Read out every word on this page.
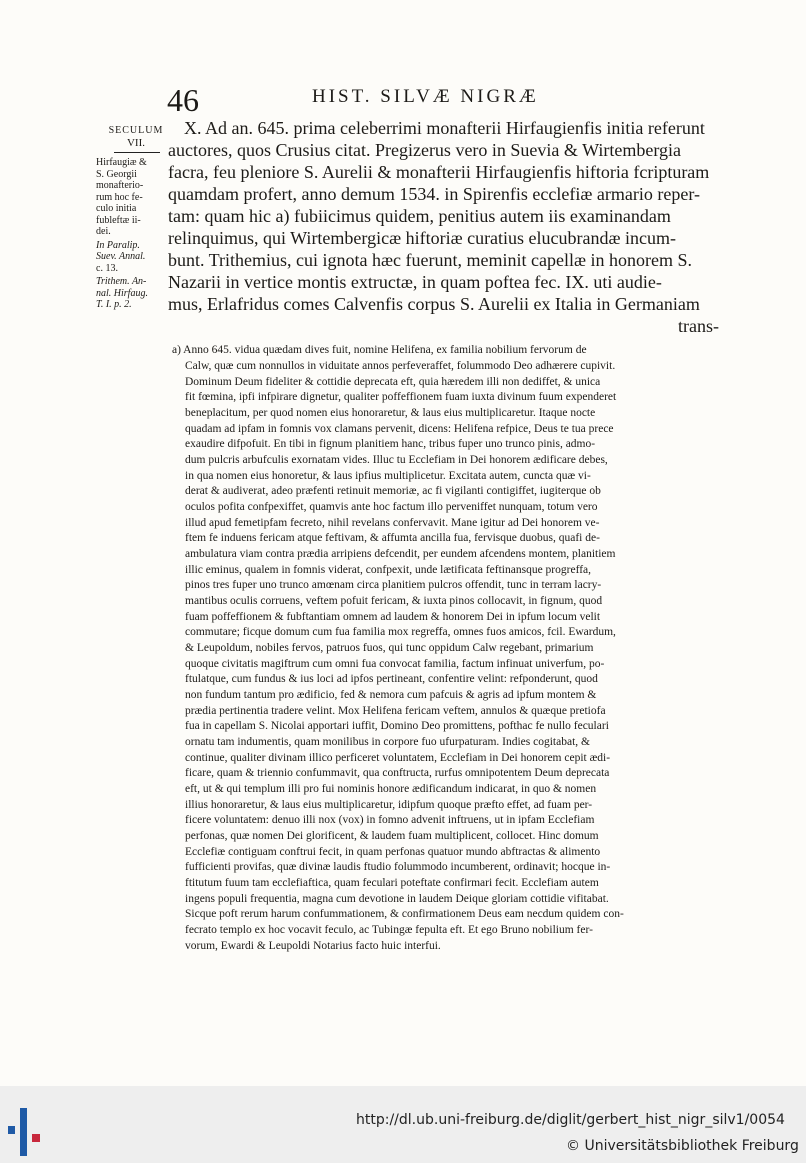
46	HIST. SILVÆ NIGRÆ
SECULUM
VII.
Hirfaugiæ &
S. Georgii
monafterio-
rum hoc fe-
culo initia
fubleftæ ii-
dei.
In Paralip.
Suev. Annal.
c. 13.
Trithem. An-
nal. Hirfaug.
T. I. p. 2.
X. Ad an. 645. prima celeberrimi monafterii Hirfaugienfis initia referunt
auctores, quos Crusius citat. Pregizerus vero in Suevia & Wirtembergia
facra, feu pleniore S. Aurelii & monafterii Hirfaugienfis hiftoria fcripturam
quamdam profert, anno demum 1534. in Spirenfis ecclefiæ armario reper-
tam: quam hic a) fubiicimus quidem, penitius autem iis examinandam
relinquimus, qui Wirtembergicæ hiftoriæ curatius elucubrandæ incum-
bunt. Trithemius, cui ignota hæc fuerunt, meminit capellæ in honorem S.
Nazarii in vertice montis extructæ, in quam poftea fec. IX. uti audie-
mus, Erlafridus comes Calvenfis corpus S. Aurelii ex Italia in Germaniam
trans-
a) Anno 645. vidua quædam dives fuit, nomine Helifena, ex familia nobilium fervorum de
Calw, quæ cum nonnullos in viduitate annos perfeveraffet, folummodo Deo adhærere cupivit.
Dominum Deum fideliter & cottidie deprecata eft, quia hæredem illi non dediffet, & unica
fit fœmina, ipfi infpirare dignetur, qualiter poffeffionem fuam iuxta divinum fuum expenderet
beneplacitum, per quod nomen eius honoraretur, & laus eius multiplicaretur. Itaque nocte
quadam ad ipfam in fomnis vox clamans pervenit, dicens: Helifena refpice, Deus te tua prece
exaudire difpofuit. En tibi in fignum planitiem hanc, tribus fuper uno trunco pinis, admo-
dum pulcris arbufculis exornatam vides. Illuc tu Ecclefiam in Dei honorem ædificare debes,
in qua nomen eius honoretur, & laus ipfius multiplicetur. Excitata autem, cuncta quæ vi-
derat & audiverat, adeo præfenti retinuit memoriæ, ac fi vigilanti contigiffet, iugiterque ob
oculos pofita confpexiffet, quamvis ante hoc factum illo perveniffet nunquam, totum vero
illud apud femetipfam fecreto, nihil revelans confervavit. Mane igitur ad Dei honorem ve-
ftem fe induens fericam atque feftivam, & affumta ancilla fua, fervisque duobus, quafi de-
ambulatura viam contra prædia arripiens defcendit, per eundem afcendens montem, planitiem
illic eminus, qualem in fomnis viderat, confpexit, unde lætificata feftinansque progreffa,
pinos tres fuper uno trunco amœnam circa planitiem pulcros offendit, tunc in terram lacry-
mantibus oculis corruens, veftem pofuit fericam, & iuxta pinos collocavit, in fignum, quod
fuam poffeffionem & fubftantiam omnem ad laudem & honorem Dei in ipfum locum velit
commutare; ficque domum cum fua familia mox regreffa, omnes fuos amicos, fcil. Ewardum,
& Leupoldum, nobiles fervos, patruos fuos, qui tunc oppidum Calw regebant, primarium
quoque civitatis magiftrum cum omni fua convocat familia, factum infinuat univerfum, po-
ftulatque, cum fundus & ius loci ad ipfos pertineant, confentire velint: refponderunt, quod
non fundum tantum pro ædificio, fed & nemora cum pafcuis & agris ad ipfum montem &
prædia pertinentia tradere velint. Mox Helifena fericam veftem, annulos & quæque pretiofa
fua in capellam S. Nicolai apportari iuffit, Domino Deo promittens, pofthac fe nullo feculari
ornatu tam indumentis, quam monilibus in corpore fuo ufurpaturam. Indies cogitabat, &
continue, qualiter divinam illico perficeret voluntatem, Ecclefiam in Dei honorem cepit ædi-
ficare, quam & triennio confummavit, qua conftructa, rurfus omnipotentem Deum deprecata
eft, ut & qui templum illi pro fui nominis honore ædificandum indicarat, in quo & nomen
illius honoraretur, & laus eius multiplicaretur, idipfum quoque præfto effet, ad fuam per-
ficere voluntatem: denuo illi nox (vox) in fomno advenit inftruens, ut in ipfam Ecclefiam
perfonas, quæ nomen Dei glorificent, & laudem fuam multiplicent, collocet. Hinc domum
Ecclefiæ contiguam conftrui fecit, in quam perfonas quatuor mundo abftractas & alimento
fufficienti provifas, quæ divinæ laudis ftudio folummodo incumberent, ordinavit; hocque in-
ftitutum fuum tam ecclefiaftica, quam feculari poteftate confirmari fecit. Ecclefiam autem
ingens populi frequentia, magna cum devotione in laudem Deique gloriam cottidie vifitabat.
Sicque poft rerum harum confummationem, & confirmationem Deus eam necdum quidem con-
fecrato templo ex hoc vocavit feculo, ac Tubingæ fepulta eft. Et ego Bruno nobilium fer-
vorum, Ewardi & Leupoldi Notarius facto huic interfui.
http://dl.ub.uni-freiburg.de/diglit/gerbert_hist_nigr_silv1/0054
© Universitätsbibliothek Freiburg
